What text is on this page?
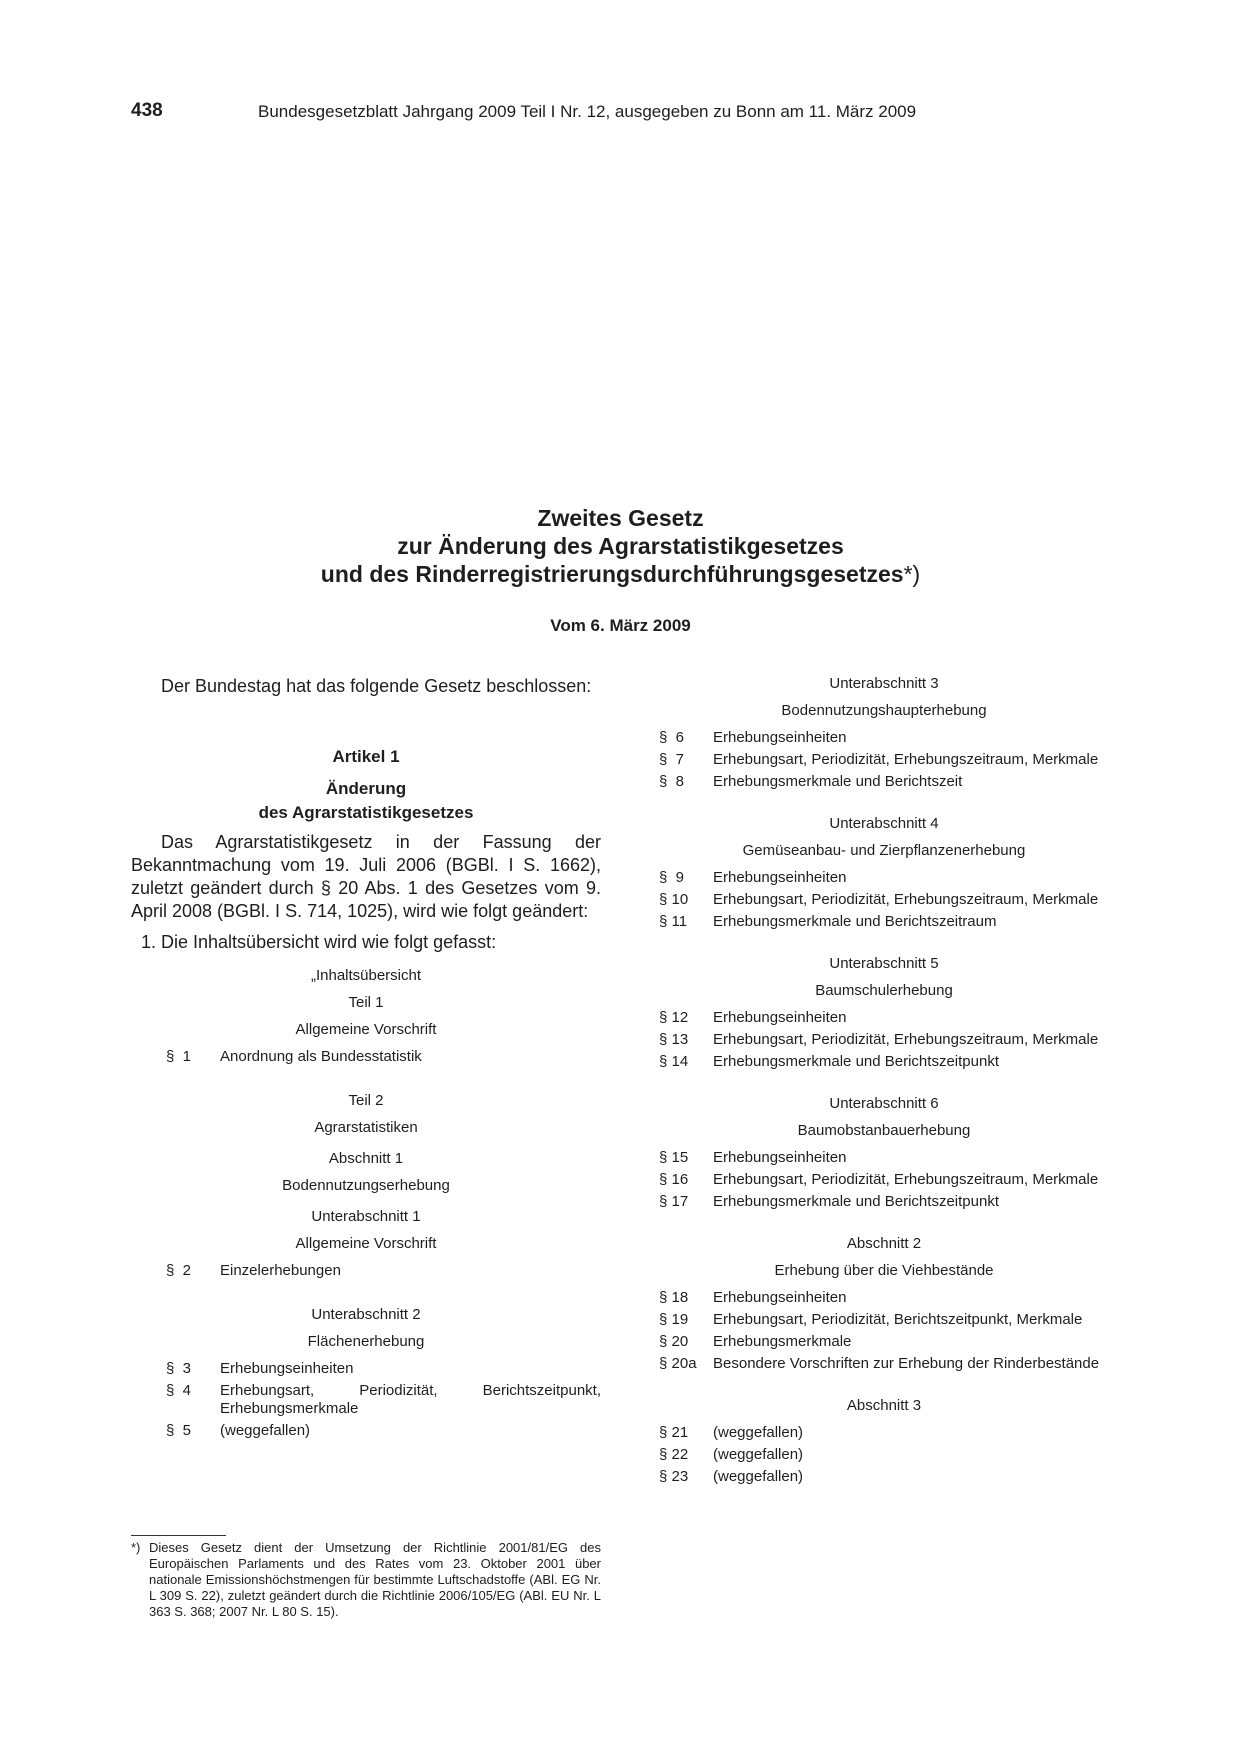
438	Bundesgesetzblatt Jahrgang 2009 Teil I Nr. 12, ausgegeben zu Bonn am 11. März 2009
Zweites Gesetz
zur Änderung des Agrarstatistikgesetzes
und des Rinderregistrierungsdurchführungsgesetzes*)
Vom 6. März 2009
Der Bundestag hat das folgende Gesetz beschlossen:
Artikel 1
Änderung
des Agrarstatistikgesetzes
Das Agrarstatistikgesetz in der Fassung der Bekanntmachung vom 19. Juli 2006 (BGBl. I S. 1662), zuletzt geändert durch § 20 Abs. 1 des Gesetzes vom 9. April 2008 (BGBl. I S. 714, 1025), wird wie folgt geändert:
1. Die Inhaltsübersicht wird wie folgt gefasst:
„Inhaltsübersicht
Teil 1
Allgemeine Vorschrift
§  1	Anordnung als Bundesstatistik
Teil 2
Agrarstatistiken
Abschnitt 1
Bodennutzungserhebung
Unterabschnitt 1
Allgemeine Vorschrift
§  2	Einzelerhebungen
Unterabschnitt 2
Flächenerhebung
§  3	Erhebungseinheiten
§  4	Erhebungsart, Periodizität, Berichtszeitpunkt, Erhebungsmerkmale
§  5	(weggefallen)
Unterabschnitt 3
Bodennutzungshaupterhebung
§  6	Erhebungseinheiten
§  7	Erhebungsart, Periodizität, Erhebungszeitraum, Merkmale
§  8	Erhebungsmerkmale und Berichtszeit
Unterabschnitt 4
Gemüseanbau- und Zierpflanzenerhebung
§  9	Erhebungseinheiten
§ 10	Erhebungsart, Periodizität, Erhebungszeitraum, Merkmale
§ 11	Erhebungsmerkmale und Berichtszeitraum
Unterabschnitt 5
Baumschulerhebung
§ 12	Erhebungseinheiten
§ 13	Erhebungsart, Periodizität, Erhebungszeitraum, Merkmale
§ 14	Erhebungsmerkmale und Berichtszeitpunkt
Unterabschnitt 6
Baumobstanbauerhebung
§ 15	Erhebungseinheiten
§ 16	Erhebungsart, Periodizität, Erhebungszeitraum, Merkmale
§ 17	Erhebungsmerkmale und Berichtszeitpunkt
Abschnitt 2
Erhebung über die Viehbestände
§ 18	Erhebungseinheiten
§ 19	Erhebungsart, Periodizität, Berichtszeitpunkt, Merkmale
§ 20	Erhebungsmerkmale
§ 20a	Besondere Vorschriften zur Erhebung der Rinderbestände
Abschnitt 3
§ 21	(weggefallen)
§ 22	(weggefallen)
§ 23	(weggefallen)
*) Dieses Gesetz dient der Umsetzung der Richtlinie 2001/81/EG des Europäischen Parlaments und des Rates vom 23. Oktober 2001 über nationale Emissionshöchstmengen für bestimmte Luftschadstoffe (ABl. EG Nr. L 309 S. 22), zuletzt geändert durch die Richtlinie 2006/105/EG (ABl. EU Nr. L 363 S. 368; 2007 Nr. L 80 S. 15).
